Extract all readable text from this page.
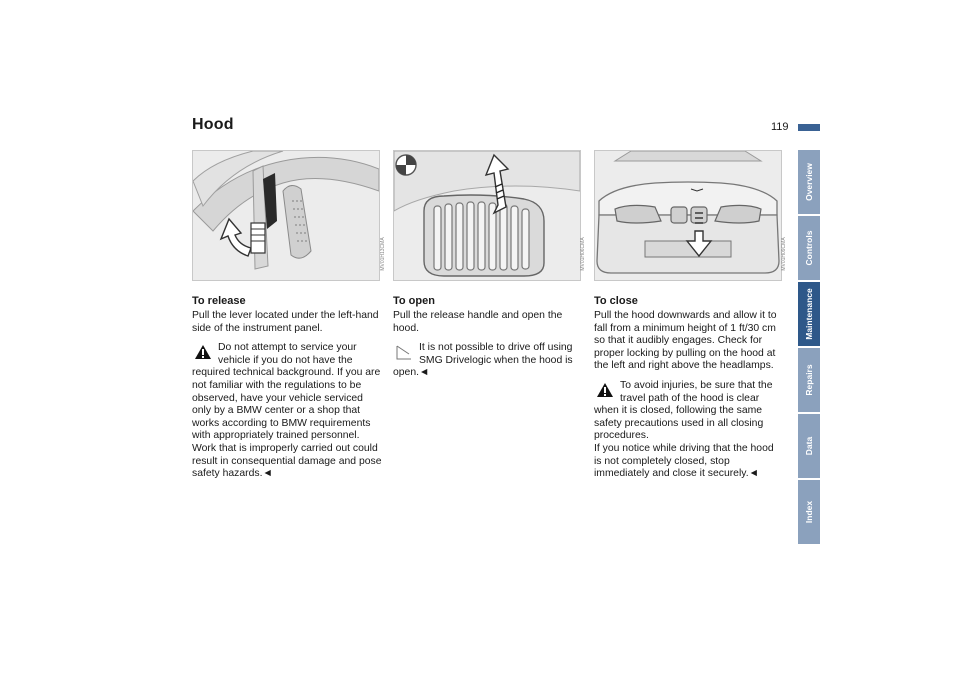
Hood	119
Overview
Controls
Maintenance
Repairs
Data
Index
MV01H13CMA	MV01H06CMA	MV01H09CMA
To release

Pull the lever located under the left-hand side of the instrument panel.

Do not attempt to service your vehicle if you do not have the
required technical background. If you are not familiar with the regulations to be observed, have your vehicle serviced only by a BMW center or a shop that works according to BMW requirements with appropriately trained personnel. Work that is improperly carried out could result in consequential damage and pose safety hazards.◄
To open

Pull the release handle and open the hood.

It is not possible to drive off using SMG Drivelogic when the hood is
open.◄
To close

Pull the hood downwards and allow it to fall from a minimum height of 1 ft/30 cm so that it audibly engages. Check for proper locking by pulling on the hood at the left and right above the headlamps.

To avoid injuries, be sure that the travel path of the hood is clear
when it is closed, following the same safety precautions used in all closing procedures.
If you notice while driving that the hood is not completely closed, stop immediately and close it securely.◄
